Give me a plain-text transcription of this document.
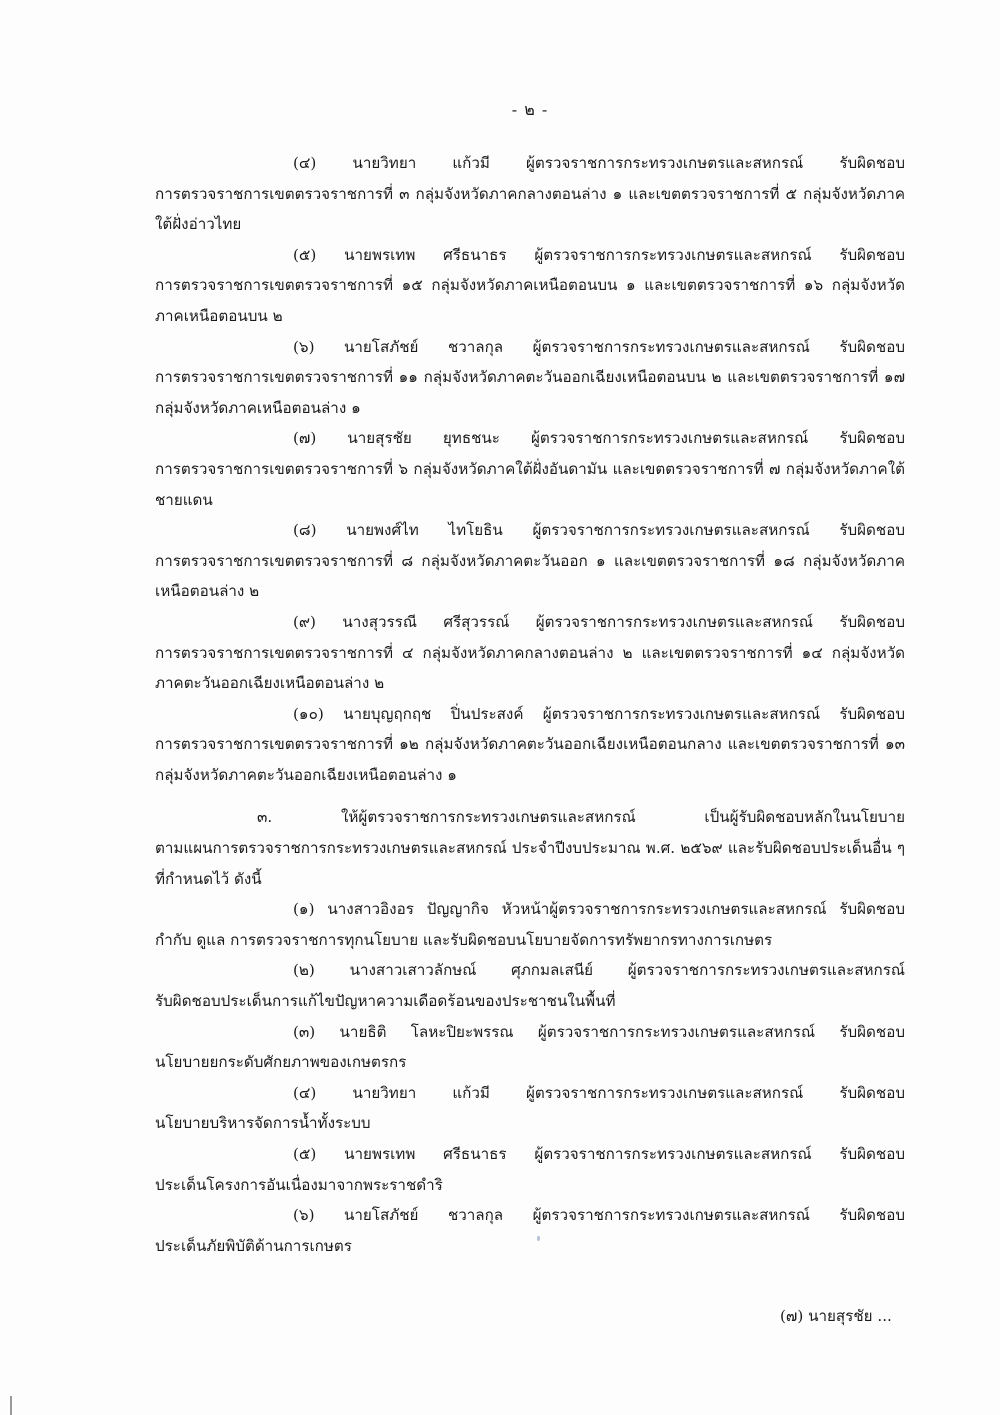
- ๒ -

(๔) นายวิทยา แก้วมี ผู้ตรวจราชการกระทรวงเกษตรและสหกรณ์ รับผิดชอบ
การตรวจราชการเขตตรวจราชการที่ ๓ กลุ่มจังหวัดภาคกลางตอนล่าง ๑ และเขตตรวจราชการที่ ๕ กลุ่มจังหวัดภาคใต้ฝั่งอ่าวไทย

(๕) นายพรเทพ ศรีธนาธร ผู้ตรวจราชการกระทรวงเกษตรและสหกรณ์ รับผิดชอบ
การตรวจราชการเขตตรวจราชการที่ ๑๕ กลุ่มจังหวัดภาคเหนือตอนบน ๑ และเขตตรวจราชการที่ ๑๖ กลุ่มจังหวัดภาคเหนือตอนบน ๒

(๖) นายโสภัชย์ ชวาลกุล ผู้ตรวจราชการกระทรวงเกษตรและสหกรณ์ รับผิดชอบ
การตรวจราชการเขตตรวจราชการที่ ๑๑ กลุ่มจังหวัดภาคตะวันออกเฉียงเหนือตอนบน ๒ และเขตตรวจราชการที่ ๑๗ กลุ่มจังหวัดภาคเหนือตอนล่าง ๑

(๗) นายสุรชัย ยุทธชนะ ผู้ตรวจราชการกระทรวงเกษตรและสหกรณ์ รับผิดชอบ
การตรวจราชการเขตตรวจราชการที่ ๖ กลุ่มจังหวัดภาคใต้ฝั่งอันดามัน และเขตตรวจราชการที่ ๗ กลุ่มจังหวัดภาคใต้ชายแดน

(๘) นายพงศ์ไท ไทโยธิน ผู้ตรวจราชการกระทรวงเกษตรและสหกรณ์ รับผิดชอบ
การตรวจราชการเขตตรวจราชการที่ ๘ กลุ่มจังหวัดภาคตะวันออก ๑ และเขตตรวจราชการที่ ๑๘ กลุ่มจังหวัดภาคเหนือตอนล่าง ๒

(๙) นางสุวรรณี ศรีสุวรรณ์ ผู้ตรวจราชการกระทรวงเกษตรและสหกรณ์ รับผิดชอบ
การตรวจราชการเขตตรวจราชการที่ ๔ กลุ่มจังหวัดภาคกลางตอนล่าง ๒ และเขตตรวจราชการที่ ๑๔ กลุ่มจังหวัดภาคตะวันออกเฉียงเหนือตอนล่าง ๒

(๑๐) นายบุญฤกฤช ปิ่นประสงค์ ผู้ตรวจราชการกระทรวงเกษตรและสหกรณ์ รับผิดชอบ
การตรวจราชการเขตตรวจราชการที่ ๑๒ กลุ่มจังหวัดภาคตะวันออกเฉียงเหนือตอนกลาง และเขตตรวจราชการที่ ๑๓ กลุ่มจังหวัดภาคตะวันออกเฉียงเหนือตอนล่าง ๑

๓. ให้ผู้ตรวจราชการกระทรวงเกษตรและสหกรณ์ เป็นผู้รับผิดชอบหลักในนโยบาย
ตามแผนการตรวจราชการกระทรวงเกษตรและสหกรณ์ ประจำปีงบประมาณ พ.ศ. ๒๕๖๙ และรับผิดชอบประเด็นอื่น ๆ ที่กำหนดไว้ ดังนี้

(๑) นางสาวอิงอร ปัญญากิจ หัวหน้าผู้ตรวจราชการกระทรวงเกษตรและสหกรณ์ รับผิดชอบ
กำกับ ดูแล การตรวจราชการทุกนโยบาย และรับผิดชอบนโยบายจัดการทรัพยากรทางการเกษตร

(๒) นางสาวเสาวลักษณ์ ศุภกมลเสนีย์ ผู้ตรวจราชการกระทรวงเกษตรและสหกรณ์
รับผิดชอบประเด็นการแก้ไขปัญหาความเดือดร้อนของประชาชนในพื้นที่

(๓) นายธิติ โลหะปิยะพรรณ ผู้ตรวจราชการกระทรวงเกษตรและสหกรณ์ รับผิดชอบ
นโยบายยกระดับศักยภาพของเกษตรกร

(๔) นายวิทยา แก้วมี ผู้ตรวจราชการกระทรวงเกษตรและสหกรณ์ รับผิดชอบ
นโยบายบริหารจัดการน้ำทั้งระบบ

(๕) นายพรเทพ ศรีธนาธร ผู้ตรวจราชการกระทรวงเกษตรและสหกรณ์ รับผิดชอบ
ประเด็นโครงการอันเนื่องมาจากพระราชดำริ

(๖) นายโสภัชย์ ชวาลกุล ผู้ตรวจราชการกระทรวงเกษตรและสหกรณ์ รับผิดชอบ
ประเด็นภัยพิบัติด้านการเกษตร

(๗) นายสุรชัย ...
